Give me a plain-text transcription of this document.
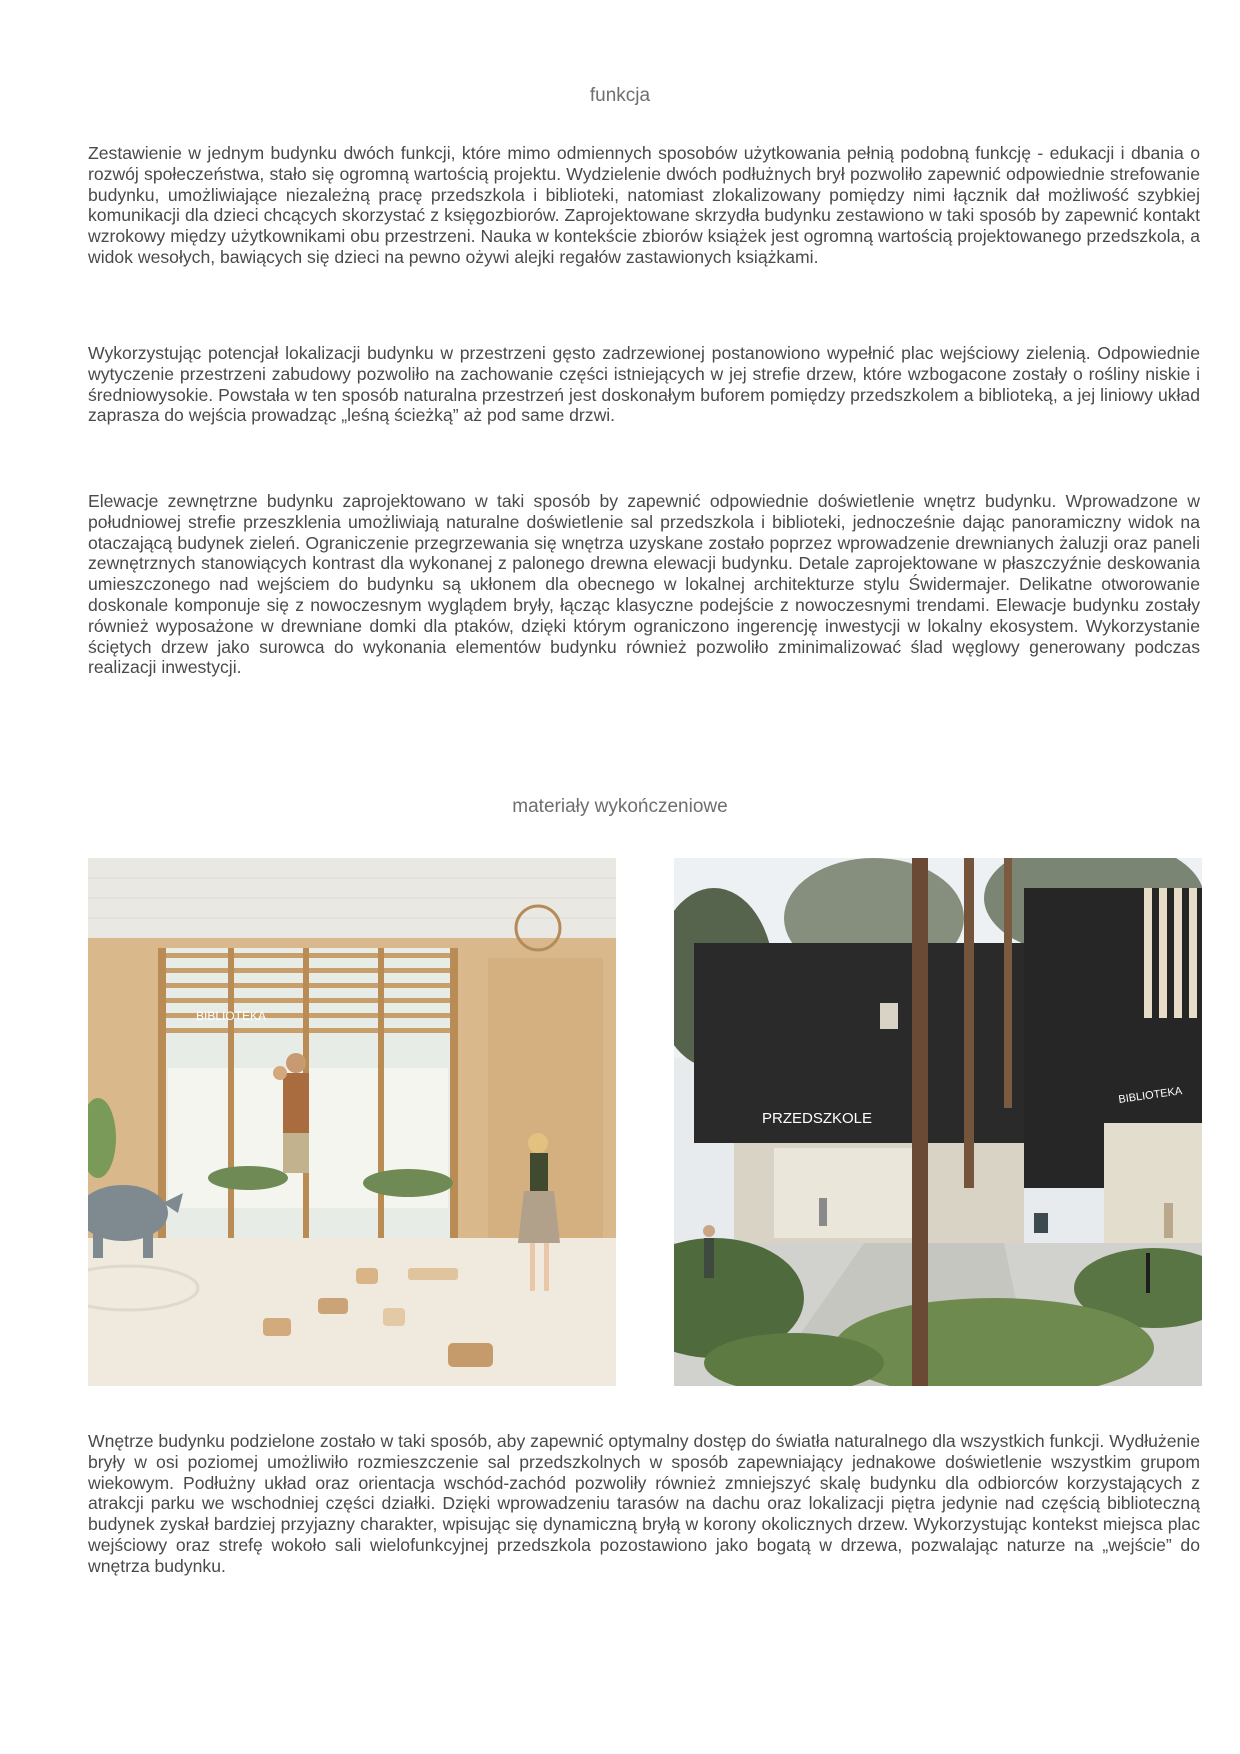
funkcja

Zestawienie w jednym budynku dwóch funkcji, które mimo odmiennych sposobów użytkowania pełnią podobną funkcję - edukacji i dbania o rozwój społeczeństwa, stało się ogromną wartością projektu. Wydzielenie dwóch podłużnych brył pozwoliło zapewnić odpowiednie strefowanie budynku, umożliwiające niezależną pracę przedszkola i biblioteki, natomiast zlokalizowany pomiędzy nimi łącznik dał możliwość szybkiej komunikacji dla dzieci chcących skorzystać z księgozbiorów. Zaprojektowane skrzydła budynku zestawiono w taki sposób by zapewnić kontakt wzrokowy między użytkownikami obu przestrzeni. Nauka w kontekście zbiorów książek jest ogromną wartością projektowanego przedszkola, a widok wesołych, bawiących się dzieci na pewno ożywi alejki regałów zastawionych książkami.

Wykorzystując potencjał lokalizacji budynku w przestrzeni gęsto zadrzewionej postanowiono wypełnić plac wejściowy zielenią. Odpowiednie wytyczenie przestrzeni zabudowy pozwoliło na zachowanie części istniejących w jej strefie drzew, które wzbogacone zostały o rośliny niskie i średniowysokie. Powstała w ten sposób naturalna przestrzeń jest doskonałym buforem pomiędzy przedszkolem a biblioteką, a jej liniowy układ zaprasza do wejścia prowadząc „leśną ścieżką” aż pod same drzwi.

Elewacje zewnętrzne budynku zaprojektowano w taki sposób by zapewnić odpowiednie doświetlenie wnętrz budynku. Wprowadzone w południowej strefie przeszklenia umożliwiają naturalne doświetlenie sal przedszkola i biblioteki, jednocześnie dając panoramiczny widok na otaczającą budynek zieleń. Ograniczenie przegrzewania się wnętrza uzyskane zostało poprzez wprowadzenie drewnianych żaluzji oraz paneli zewnętrznych stanowiących kontrast dla wykonanej z palonego drewna elewacji budynku. Detale zaprojektowane w płaszczyźnie deskowania umieszczonego nad wejściem do budynku są ukłonem dla obecnego w lokalnej architekturze stylu Świdermajer. Delikatne otworowanie doskonale komponuje się z nowoczesnym wyglądem bryły, łącząc klasyczne podejście z nowoczesnymi trendami. Elewacje budynku zostały również wyposażone w drewniane domki dla ptaków, dzięki którym ograniczono ingerencję inwestycji w lokalny ekosystem. Wykorzystanie ściętych drzew jako surowca do wykonania elementów budynku również pozwoliło zminimalizować ślad węglowy generowany podczas realizacji inwestycji.

materiały wykończeniowe
BIBLIOTEKA
PRZEDSZKOLE
BIBLIOTEKA

Wnętrze budynku podzielone zostało w taki sposób, aby zapewnić optymalny dostęp do światła naturalnego dla wszystkich funkcji. Wydłużenie bryły w osi poziomej umożliwiło rozmieszczenie sal przedszkolnych w sposób zapewniający jednakowe doświetlenie wszystkim grupom wiekowym. Podłużny układ oraz orientacja wschód-zachód pozwoliły również zmniejszyć skalę budynku dla odbiorców korzystających z atrakcji parku we wschodniej części działki. Dzięki wprowadzeniu tarasów na dachu oraz lokalizacji piętra jedynie nad częścią biblioteczną budynek zyskał bardziej przyjazny charakter, wpisując się dynamiczną bryłą w korony okolicznych drzew. Wykorzystując kontekst miejsca plac wejściowy oraz strefę wokoło sali wielofunkcyjnej przedszkola pozostawiono jako bogatą w drzewa, pozwalając naturze na „wejście” do wnętrza budynku.
